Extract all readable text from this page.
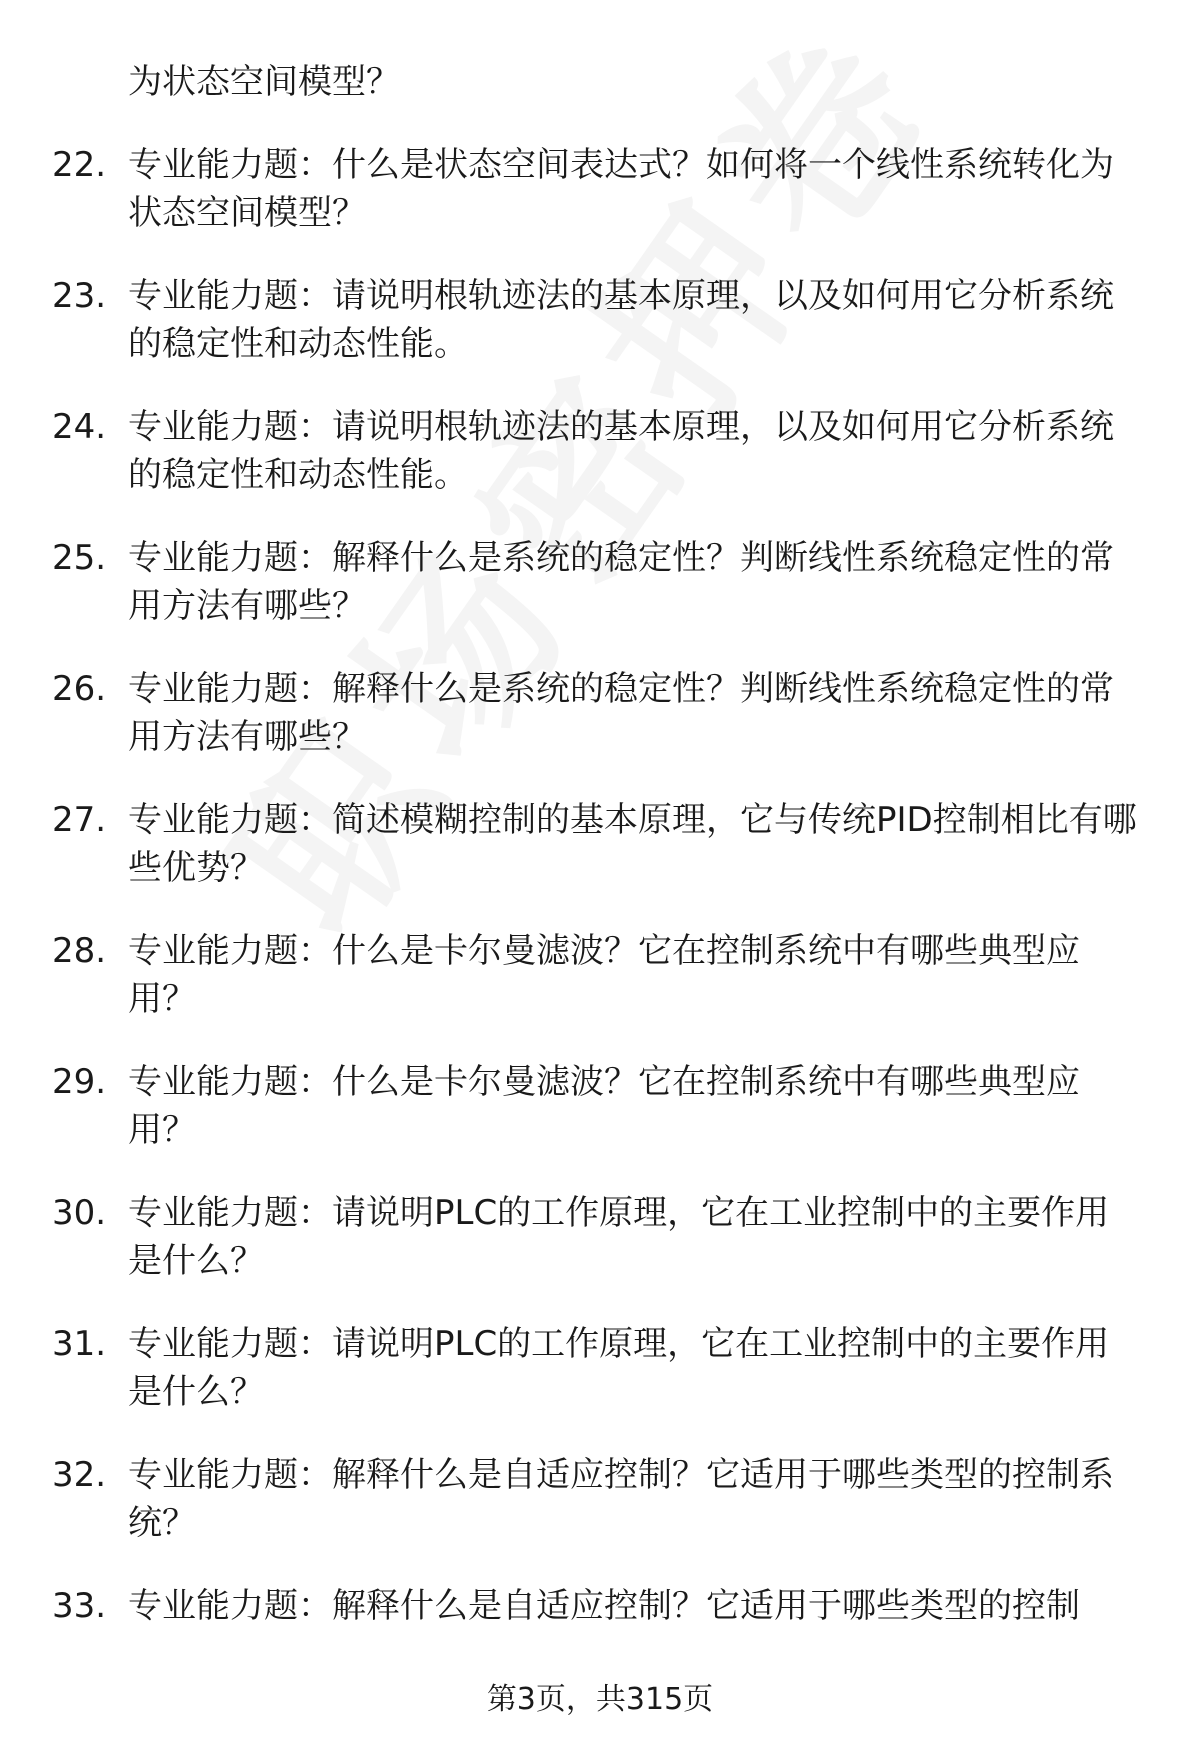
为状态空间模型？
22. 专业能力题：什么是状态空间表达式？如何将一个线性系统转化为状态空间模型？
23. 专业能力题：请说明根轨迹法的基本原理，以及如何用它分析系统的稳定性和动态性能。
24. 专业能力题：请说明根轨迹法的基本原理，以及如何用它分析系统的稳定性和动态性能。
25. 专业能力题：解释什么是系统的稳定性？判断线性系统稳定性的常用方法有哪些？
26. 专业能力题：解释什么是系统的稳定性？判断线性系统稳定性的常用方法有哪些？
27. 专业能力题：简述模糊控制的基本原理，它与传统PID控制相比有哪些优势？
28. 专业能力题：什么是卡尔曼滤波？它在控制系统中有哪些典型应用？
29. 专业能力题：什么是卡尔曼滤波？它在控制系统中有哪些典型应用？
30. 专业能力题：请说明PLC的工作原理，它在工业控制中的主要作用是什么？
31. 专业能力题：请说明PLC的工作原理，它在工业控制中的主要作用是什么？
32. 专业能力题：解释什么是自适应控制？它适用于哪些类型的控制系统？
33. 专业能力题：解释什么是自适应控制？它适用于哪些类型的控制
第3页，共315页
